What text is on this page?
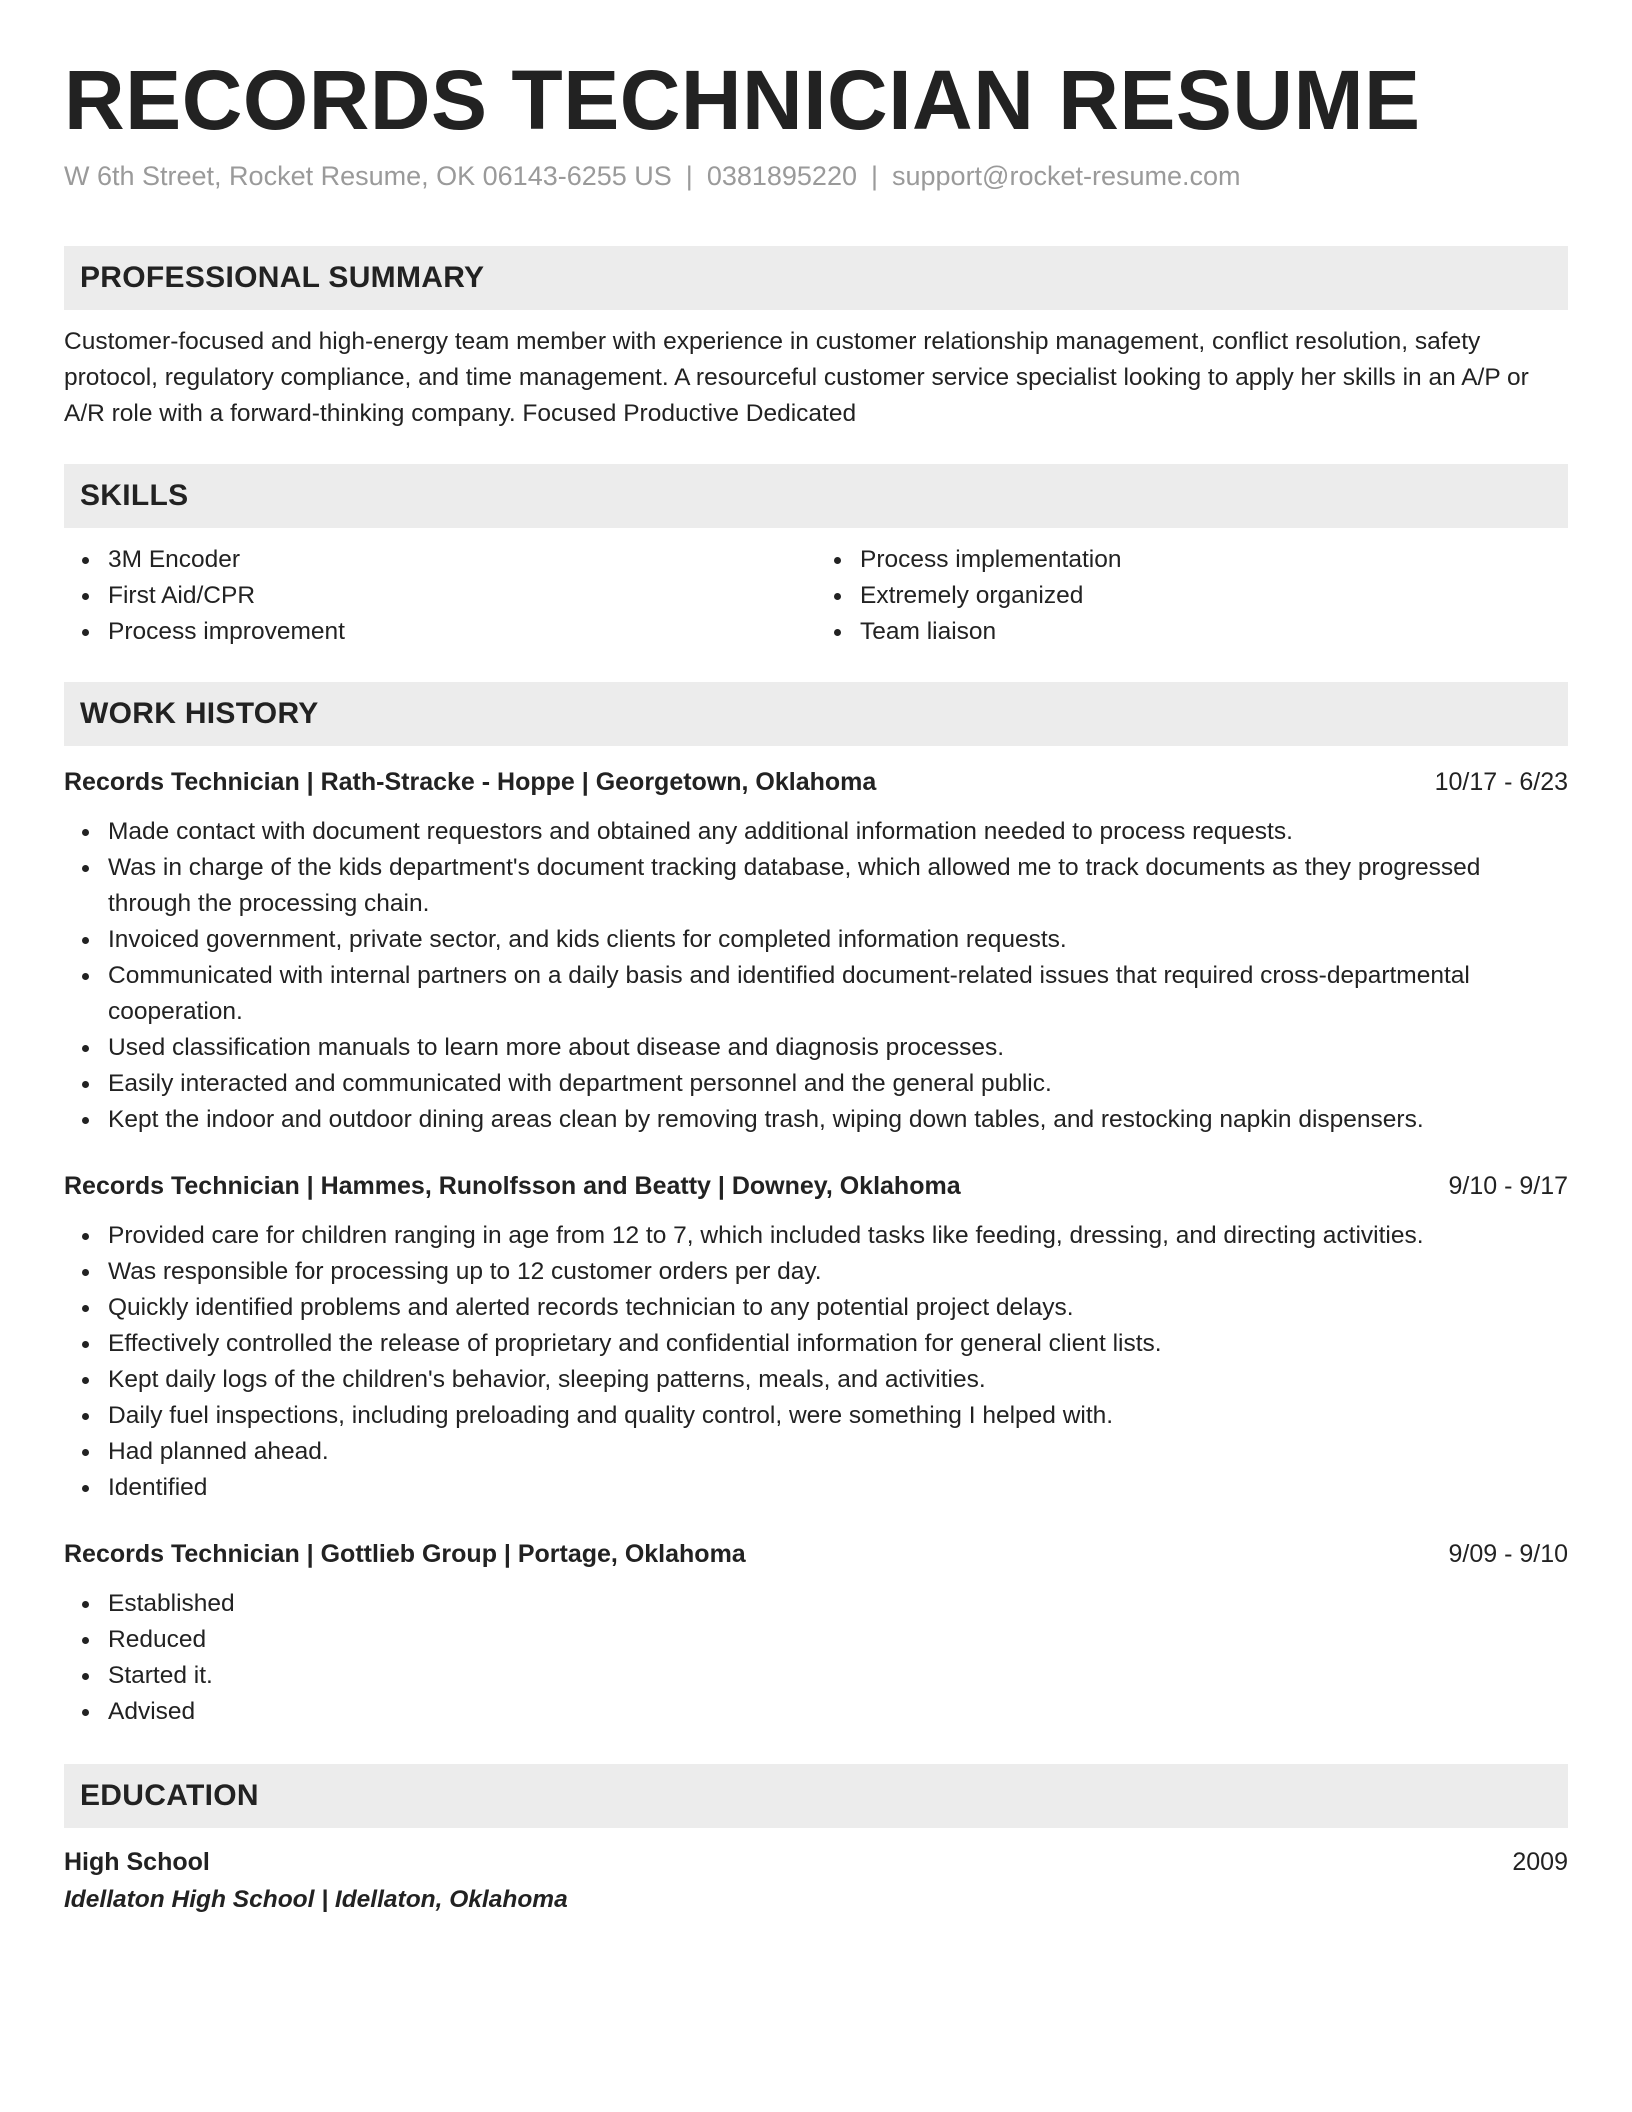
RECORDS TECHNICIAN RESUME
W 6th Street, Rocket Resume, OK 06143-6255 US | 0381895220 | support@rocket-resume.com
PROFESSIONAL SUMMARY
Customer-focused and high-energy team member with experience in customer relationship management, conflict resolution, safety protocol, regulatory compliance, and time management. A resourceful customer service specialist looking to apply her skills in an A/P or A/R role with a forward-thinking company. Focused Productive Dedicated
SKILLS
3M Encoder
First Aid/CPR
Process improvement
Process implementation
Extremely organized
Team liaison
WORK HISTORY
Records Technician | Rath-Stracke - Hoppe | Georgetown, Oklahoma	10/17 - 6/23
Made contact with document requestors and obtained any additional information needed to process requests.
Was in charge of the kids department's document tracking database, which allowed me to track documents as they progressed through the processing chain.
Invoiced government, private sector, and kids clients for completed information requests.
Communicated with internal partners on a daily basis and identified document-related issues that required cross-departmental cooperation.
Used classification manuals to learn more about disease and diagnosis processes.
Easily interacted and communicated with department personnel and the general public.
Kept the indoor and outdoor dining areas clean by removing trash, wiping down tables, and restocking napkin dispensers.
Records Technician | Hammes, Runolfsson and Beatty | Downey, Oklahoma	9/10 - 9/17
Provided care for children ranging in age from 12 to 7, which included tasks like feeding, dressing, and directing activities.
Was responsible for processing up to 12 customer orders per day.
Quickly identified problems and alerted records technician to any potential project delays.
Effectively controlled the release of proprietary and confidential information for general client lists.
Kept daily logs of the children's behavior, sleeping patterns, meals, and activities.
Daily fuel inspections, including preloading and quality control, were something I helped with.
Had planned ahead.
Identified
Records Technician | Gottlieb Group | Portage, Oklahoma	9/09 - 9/10
Established
Reduced
Started it.
Advised
EDUCATION
High School	2009
Idellaton High School | Idellaton, Oklahoma
